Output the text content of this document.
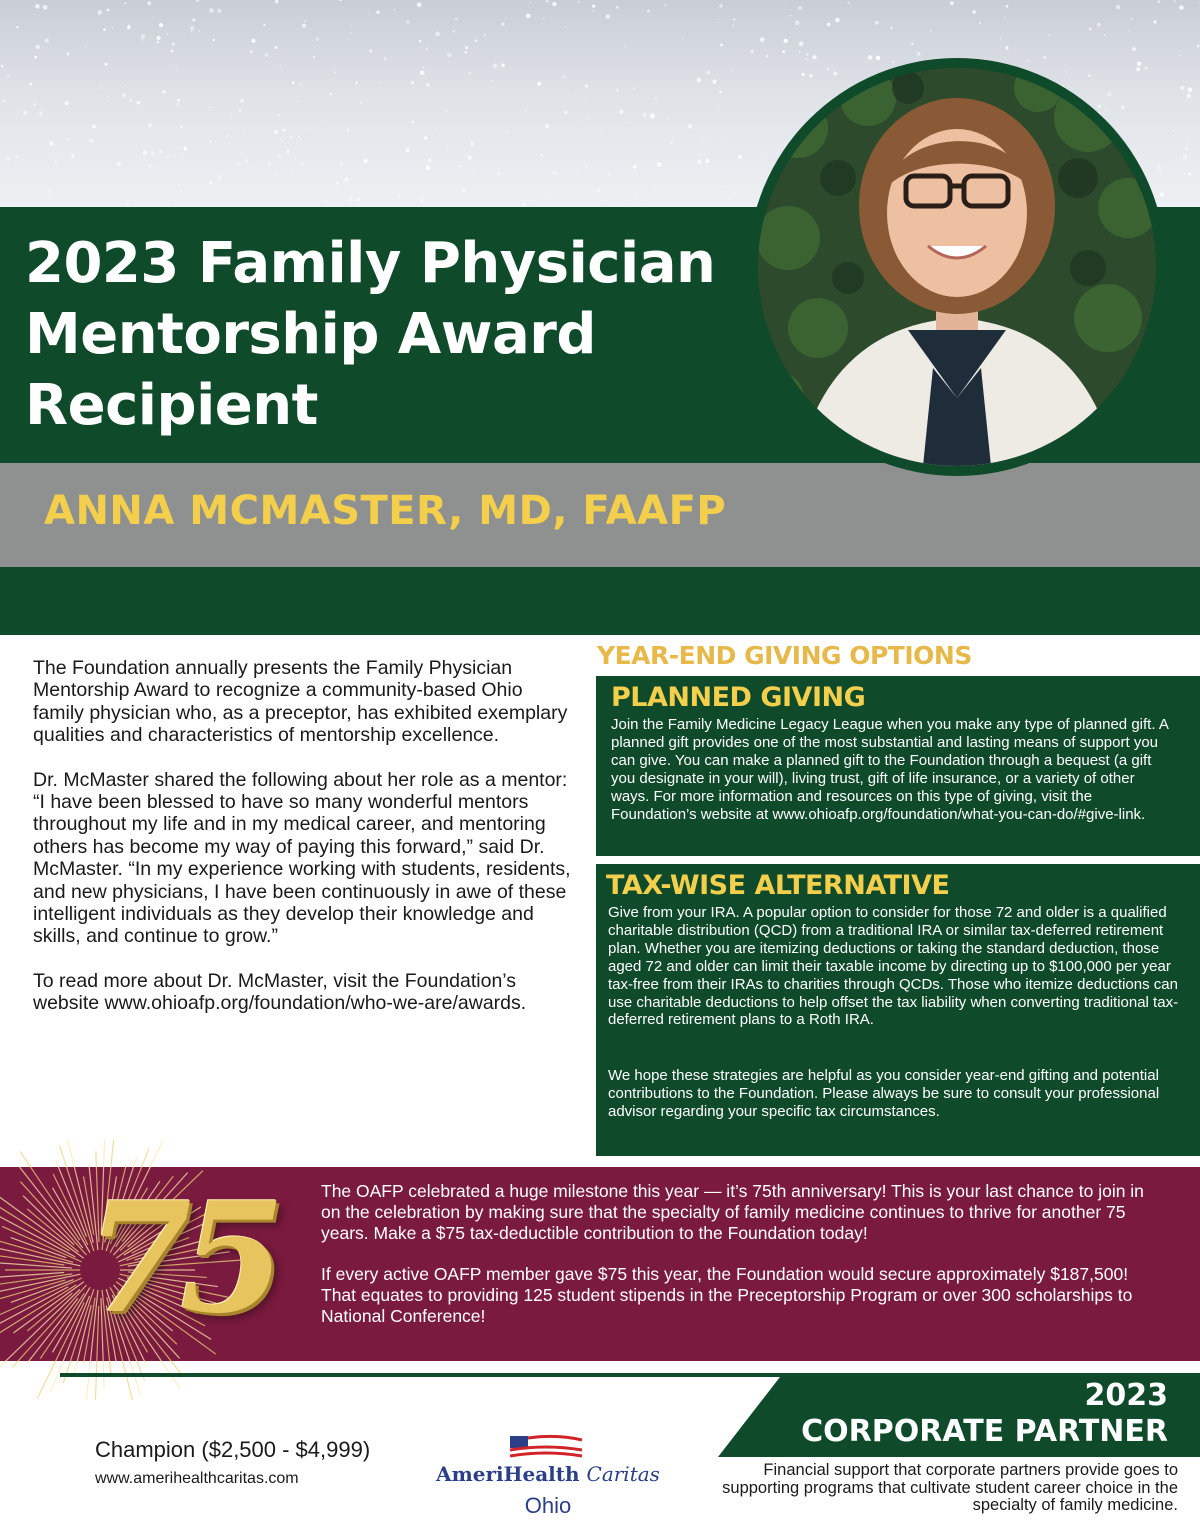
2023 Family Physician
Mentorship Award
Recipient
ANNA MCMASTER, MD, FAAFP

The Foundation annually presents the Family Physician Mentorship Award to recognize a community-based Ohio family physician who, as a preceptor, has exhibited exemplary qualities and characteristics of mentorship excellence.

Dr. McMaster shared the following about her role as a mentor:

“I have been blessed to have so many wonderful mentors throughout my life and in my medical career, and mentoring others has become my way of paying this forward,” said Dr. McMaster. “In my experience working with students, residents, and new physicians, I have been continuously in awe of these intelligent individuals as they develop their knowledge and skills, and continue to grow.”

To read more about Dr. McMaster, visit the Foundation’s website www.ohioafp.org/foundation/who-we-are/awards.

YEAR-END GIVING OPTIONS
PLANNED GIVING
Join the Family Medicine Legacy League when you make any type of planned gift. A planned gift provides one of the most substantial and lasting means of support you can give. You can make a planned gift to the Foundation through a bequest (a gift you designate in your will), living trust, gift of life insurance, or a variety of other ways. For more information and resources on this type of giving, visit the Foundation’s website at www.ohioafp.org/foundation/what-you-can-do/#give-link.
TAX-WISE ALTERNATIVE
Give from your IRA. A popular option to consider for those 72 and older is a qualified charitable distribution (QCD) from a traditional IRA or similar tax-deferred retirement plan. Whether you are itemizing deductions or taking the standard deduction, those aged 72 and older can limit their taxable income by directing up to $100,000 per year tax-free from their IRAs to charities through QCDs. Those who itemize deductions can use charitable deductions to help offset the tax liability when converting traditional tax-deferred retirement plans to a Roth IRA.
We hope these strategies are helpful as you consider year-end gifting and potential contributions to the Foundation. Please always be sure to consult your professional advisor regarding your specific tax circumstances.
75	The OAFP celebrated a huge milestone this year — it’s 75th anniversary! This is your last chance to join in on the celebration by making sure that the specialty of family medicine continues to thrive for another 75 years. Make a $75 tax-deductible contribution to the Foundation today!

If every active OAFP member gave $75 this year, the Foundation would secure approximately $187,500! That equates to providing 125 student stipends in the Preceptorship Program or over 300 scholarships to National Conference!

2023
CORPORATE PARTNER
Financial support that corporate partners provide goes to supporting programs that cultivate student career choice in the specialty of family medicine.
Champion ($2,500 - $4,999)
www.amerihealthcaritas.com	AmeriHealth Caritas
Ohio
